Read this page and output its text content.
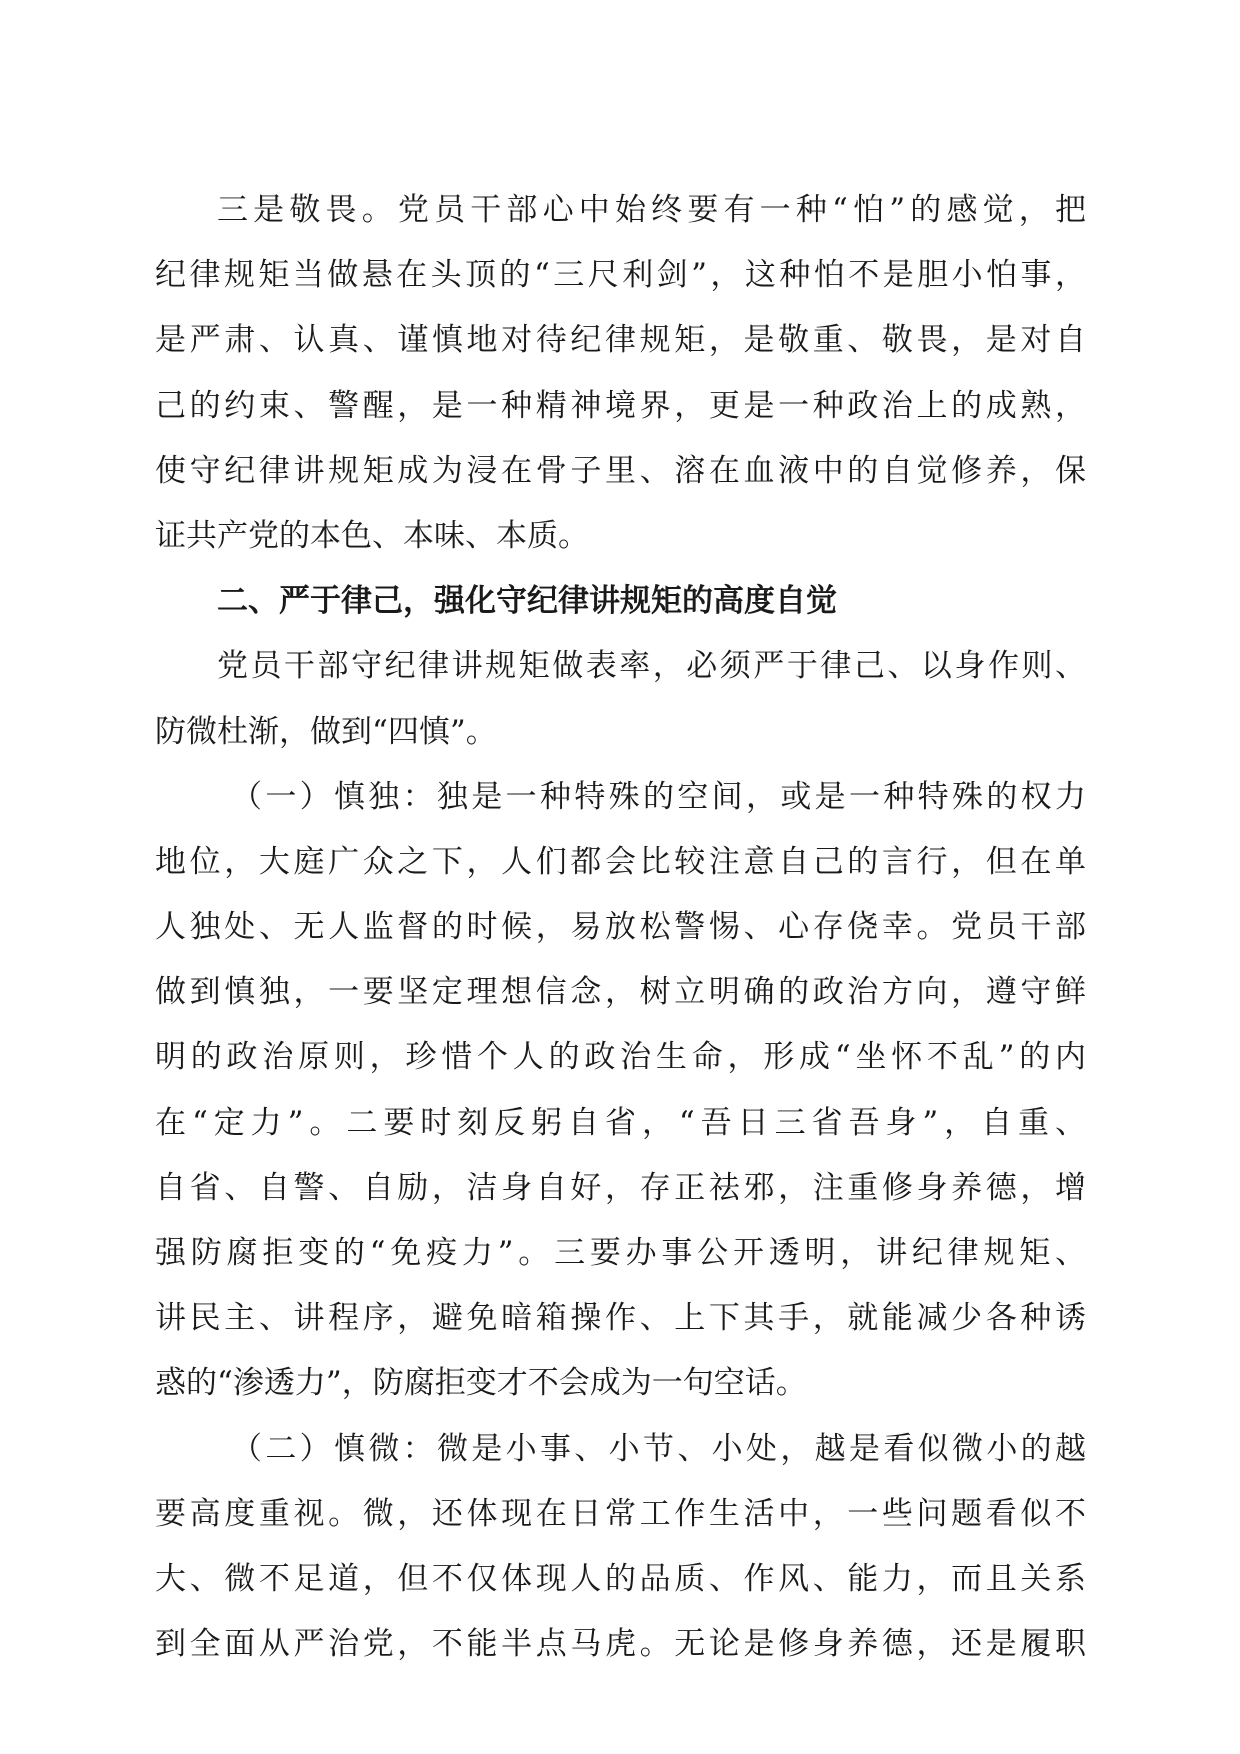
三是敬畏。党员干部心中始终要有一种“怕”的感觉，把
纪律规矩当做悬在头顶的“三尺利剑”，这种怕不是胆小怕事，
是严肃、认真、谨慎地对待纪律规矩，是敬重、敬畏，是对自
己的约束、警醒，是一种精神境界，更是一种政治上的成熟，
使守纪律讲规矩成为浸在骨子里、溶在血液中的自觉修养，保
证共产党的本色、本味、本质。
二、严于律己，强化守纪律讲规矩的高度自觉
党员干部守纪律讲规矩做表率，必须严于律己、以身作则、
防微杜渐，做到“四慎”。
（一）慎独：独是一种特殊的空间，或是一种特殊的权力
地位，大庭广众之下，人们都会比较注意自己的言行，但在单
人独处、无人监督的时候，易放松警惕、心存侥幸。党员干部
做到慎独，一要坚定理想信念，树立明确的政治方向，遵守鲜
明的政治原则，珍惜个人的政治生命，形成“坐怀不乱”的内
在“定力”。二要时刻反躬自省，“吾日三省吾身”，自重、
自省、自警、自励，洁身自好，存正祛邪，注重修身养德，增
强防腐拒变的“免疫力”。三要办事公开透明，讲纪律规矩、
讲民主、讲程序，避免暗箱操作、上下其手，就能减少各种诱
惑的“渗透力”，防腐拒变才不会成为一句空话。
（二）慎微：微是小事、小节、小处，越是看似微小的越
要高度重视。微，还体现在日常工作生活中，一些问题看似不
大、微不足道，但不仅体现人的品质、作风、能力，而且关系
到全面从严治党，不能半点马虎。无论是修身养德，还是履职
